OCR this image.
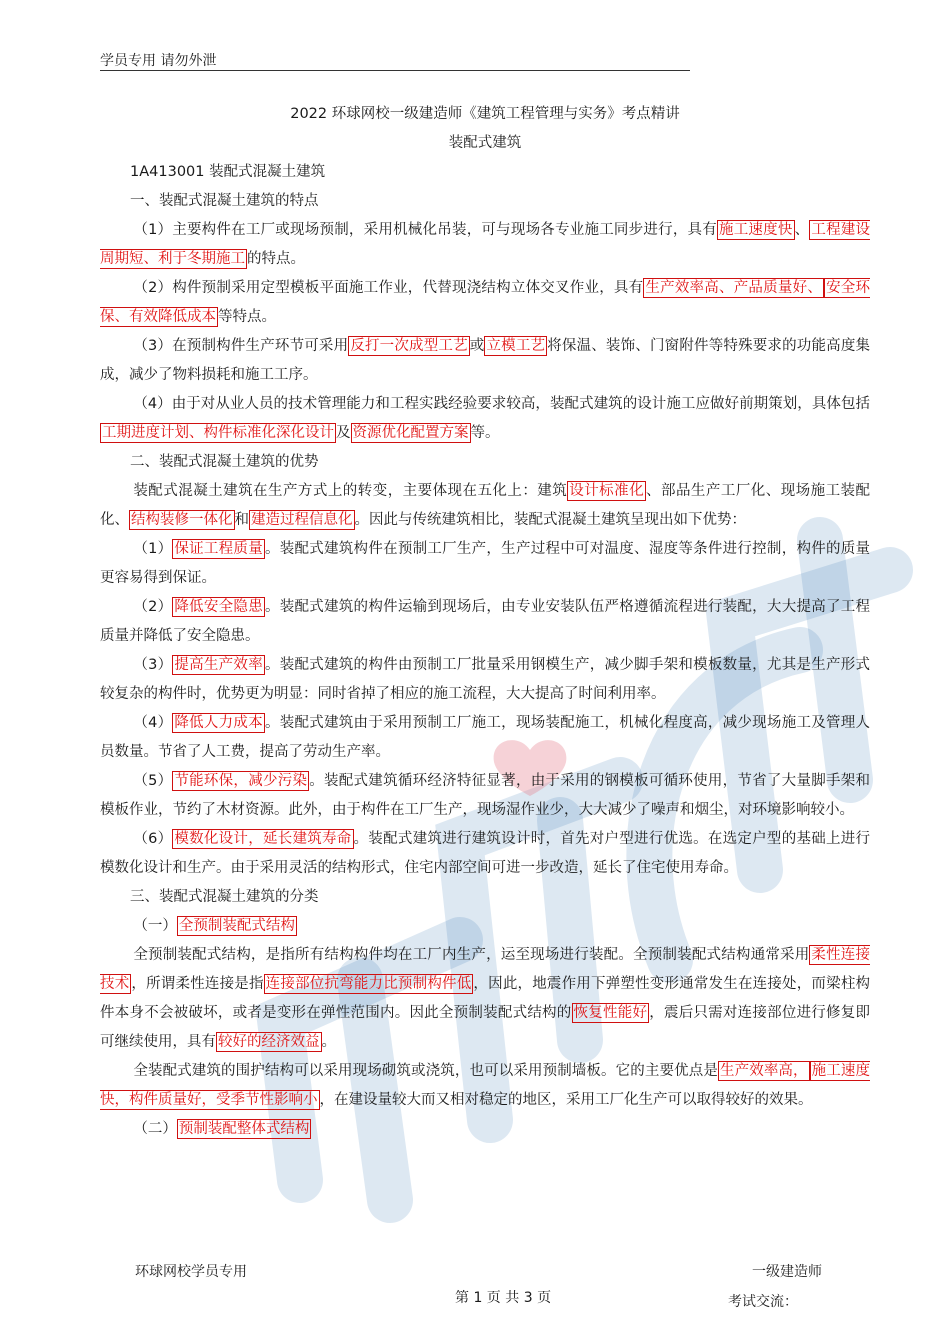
学员专用 请勿外泄

2022 环球网校一级建造师《建筑工程管理与实务》考点精讲

装配式建筑

1A413001 装配式混凝土建筑

一、装配式混凝土建筑的特点

（1）主要构件在工厂或现场预制，采用机械化吊装，可与现场各专业施工同步进行，具有 施工速度快 、 工程建设周期短、利于冬期施工 的特点。

（2）构件预制采用定型模板平面施工作业，代替现浇结构立体交叉作业，具有 生产效率高、产品质量好、 安全环保、有效降低成本 等特点。

（3）在预制构件生产环节可采用 反打一次成型工艺 或 立模工艺 将保温、装饰、门窗附件等特殊要求的功能高度集成，减少了物料损耗和施工工序。

（4）由于对从业人员的技术管理能力和工程实践经验要求较高，装配式建筑的设计施工应做好前期策划，具体包括工期进度计划、构件标准化深化设计 及 资源优化配置方案 等。

二、装配式混凝土建筑的优势

装配式混凝土建筑在生产方式上的转变，主要体现在五化上：建筑 设计标准化 、部品生产工厂化、现场施工装配化、 结构装修一体化 和 建造过程信息化 。因此与传统建筑相比，装配式混凝土建筑呈现出如下优势：

（1） 保证工程质量 。装配式建筑构件在预制工厂生产，生产过程中可对温度、湿度等条件进行控制，构件的质量更容易得到保证。

（2） 降低安全隐患 。装配式建筑的构件运输到现场后，由专业安装队伍严格遵循流程进行装配，大大提高了工程质量并降低了安全隐患。

（3） 提高生产效率 。装配式建筑的构件由预制工厂批量采用钢模生产，减少脚手架和模板数量，尤其是生产形式较复杂的构件时，优势更为明显：同时省掉了相应的施工流程，大大提高了时间利用率。

（4） 降低人力成本 。装配式建筑由于采用预制工厂施工，现场装配施工，机械化程度高，减少现场施工及管理人员数量。节省了人工费，提高了劳动生产率。

（5） 节能环保，减少污染 。装配式建筑循环经济特征显著，由于采用的钢模板可循环使用，节省了大量脚手架和模板作业，节约了木材资源。此外，由于构件在工厂生产，现场湿作业少，大大减少了噪声和烟尘，对环境影响较小。

（6） 模数化设计，延长建筑寿命 。装配式建筑进行建筑设计时，首先对户型进行优选。在选定户型的基础上进行模数化设计和生产。由于采用灵活的结构形式，住宅内部空间可进一步改造，延长了住宅使用寿命。

三、装配式混凝土建筑的分类

（一） 全预制装配式结构

全预制装配式结构，是指所有结构构件均在工厂内生产，运至现场进行装配。全预制装配式结构通常采用 柔性连接技术 ，所谓柔性连接是指 连接部位抗弯能力比预制构件低 ，因此，地震作用下弹塑性变形通常发生在连接处，而梁柱构件本身不会被破坏，或者是变形在弹性范围内。因此全预制装配式结构的 恢复性能好 ，震后只需对连接部位进行修复即可继续使用，具有 较好的经济效益 。

全装配式建筑的围护结构可以采用现场砌筑或浇筑，也可以采用预制墙板。它的主要优点是 生产效率高， 施工速度快，构件质量好，受季节性影响小 ，在建设量较大而又相对稳定的地区，采用工厂化生产可以取得较好的效果。

（二） 预制装配整体式结构

环球网校学员专用	一级建造师
第 1 页 共 3 页	考试交流：
